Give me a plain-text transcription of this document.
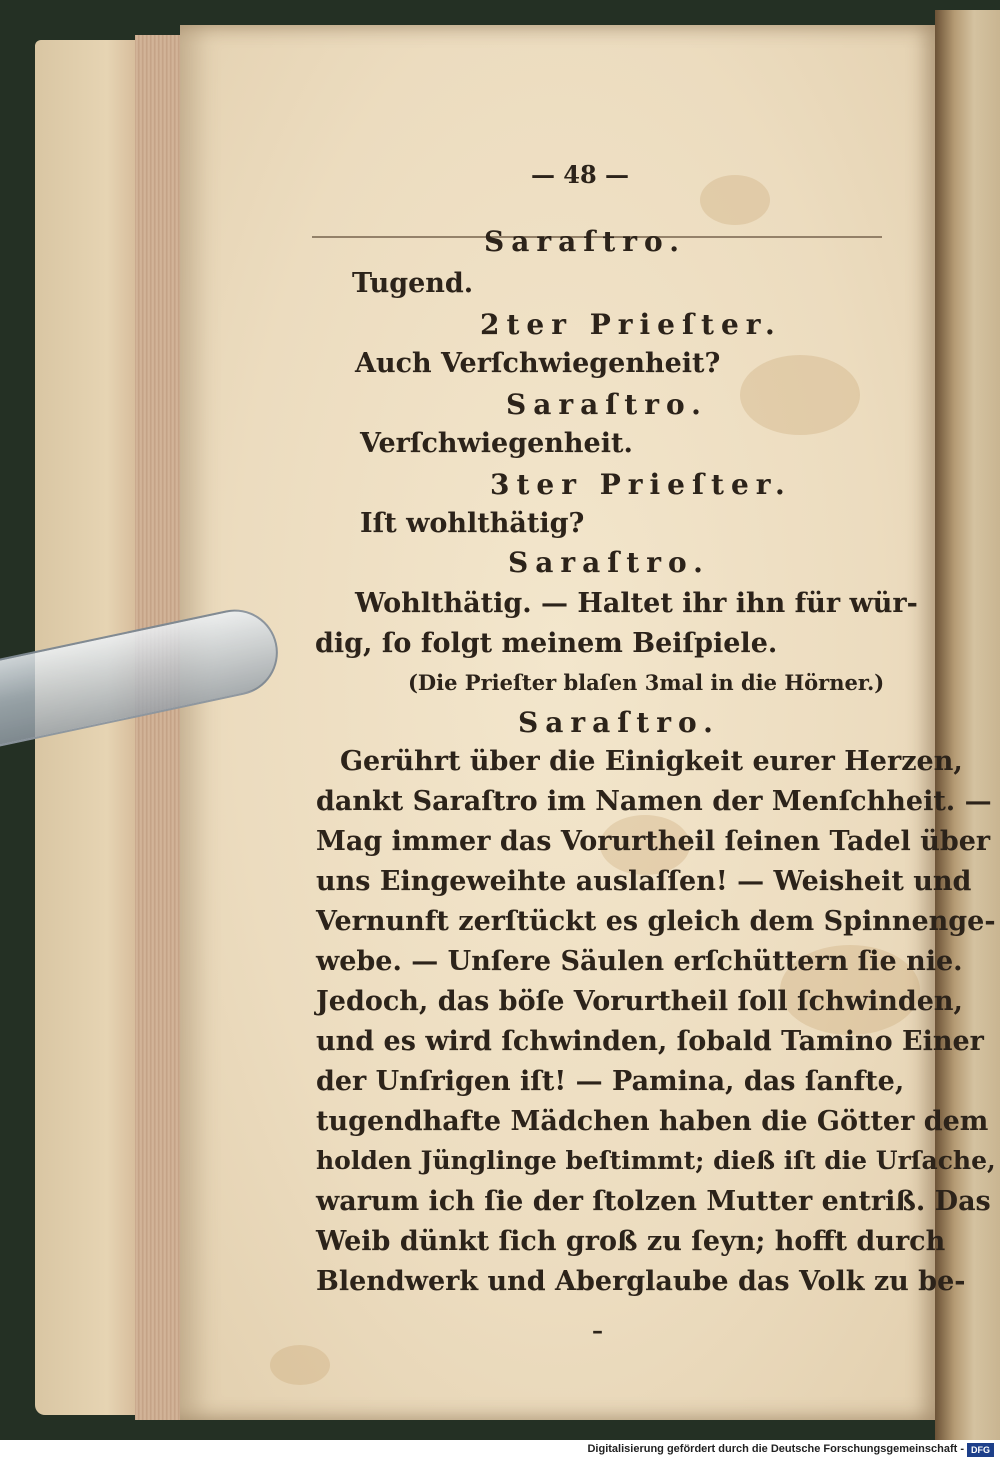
— 48 —
Saraſtro.
Tugend.
2ter Prieſter.
Auch Verſchwiegenheit?
Saraſtro.
Verſchwiegenheit.
3ter Prieſter.
Iſt wohlthätig?
Saraſtro.
Wohlthätig. — Haltet ihr ihn für wür-
dig, ſo folgt meinem Beiſpiele.
(Die Prieſter blaſen 3mal in die Hörner.)
Saraſtro.
Gerührt über die Einigkeit eurer Herzen,
dankt Saraſtro im Namen der Menſchheit. —
Mag immer das Vorurtheil ſeinen Tadel über
uns Eingeweihte auslaſſen! — Weisheit und
Vernunft zerſtückt es gleich dem Spinnenge-
webe. — Unſere Säulen erſchüttern ſie nie.
Jedoch, das böſe Vorurtheil ſoll ſchwinden,
und es wird ſchwinden, ſobald Tamino Einer
der Unſrigen iſt! — Pamina, das ſanfte,
tugendhafte Mädchen haben die Götter dem
holden Jünglinge beſtimmt; dieß iſt die Urſache,
warum ich ſie der ſtolzen Mutter entriß. Das
Weib dünkt ſich groß zu ſeyn; hofft durch
Blendwerk und Aberglaube das Volk zu be-
–
Digitalisierung gefördert durch die Deutsche Forschungsgemeinschaft - DFG
